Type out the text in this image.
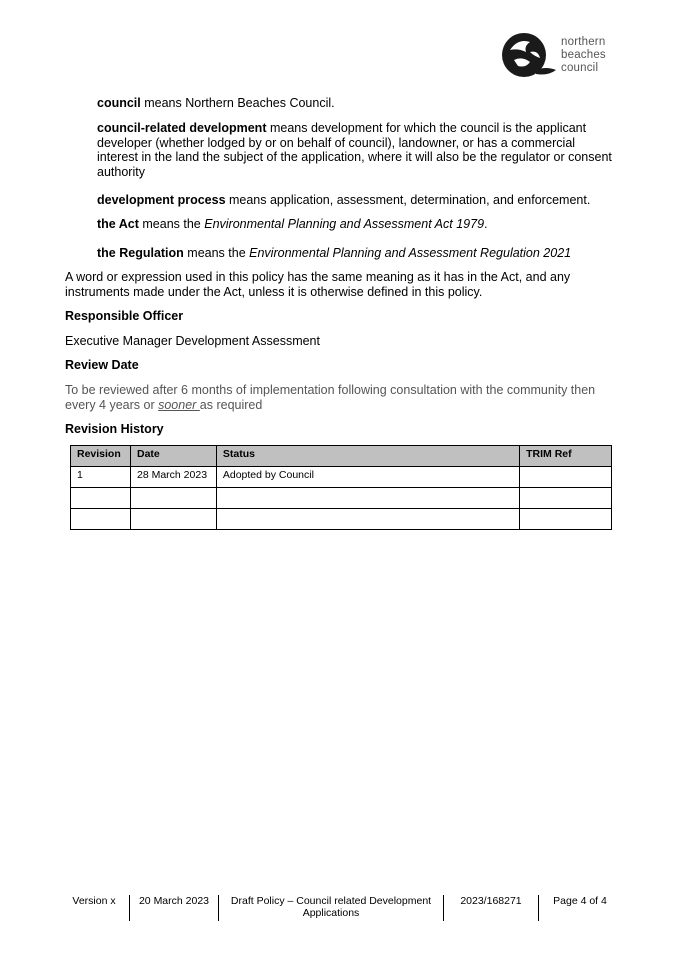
northern
beaches
council
council means Northern Beaches Council.
council-related development means development for which the council is the applicant developer (whether lodged by or on behalf of council), landowner, or has a commercial interest in the land the subject of the application, where it will also be the regulator or consent authority
development process means application, assessment, determination, and enforcement.
the Act means the Environmental Planning and Assessment Act 1979.
the Regulation means the Environmental Planning and Assessment Regulation 2021
A word or expression used in this policy has the same meaning as it has in the Act, and any instruments made under the Act, unless it is otherwise defined in this policy.
Responsible Officer
Executive Manager Development Assessment
Review Date
To be reviewed after 6 months of implementation following consultation with the community then every 4 years or sooner as required
Revision History
Revision	Date	Status	TRIM Ref
1	28 March 2023	Adopted by Council	

Version x	20 March 2023	Draft Policy – Council related Development
Applications
2023/168271	Page 4 of 4
